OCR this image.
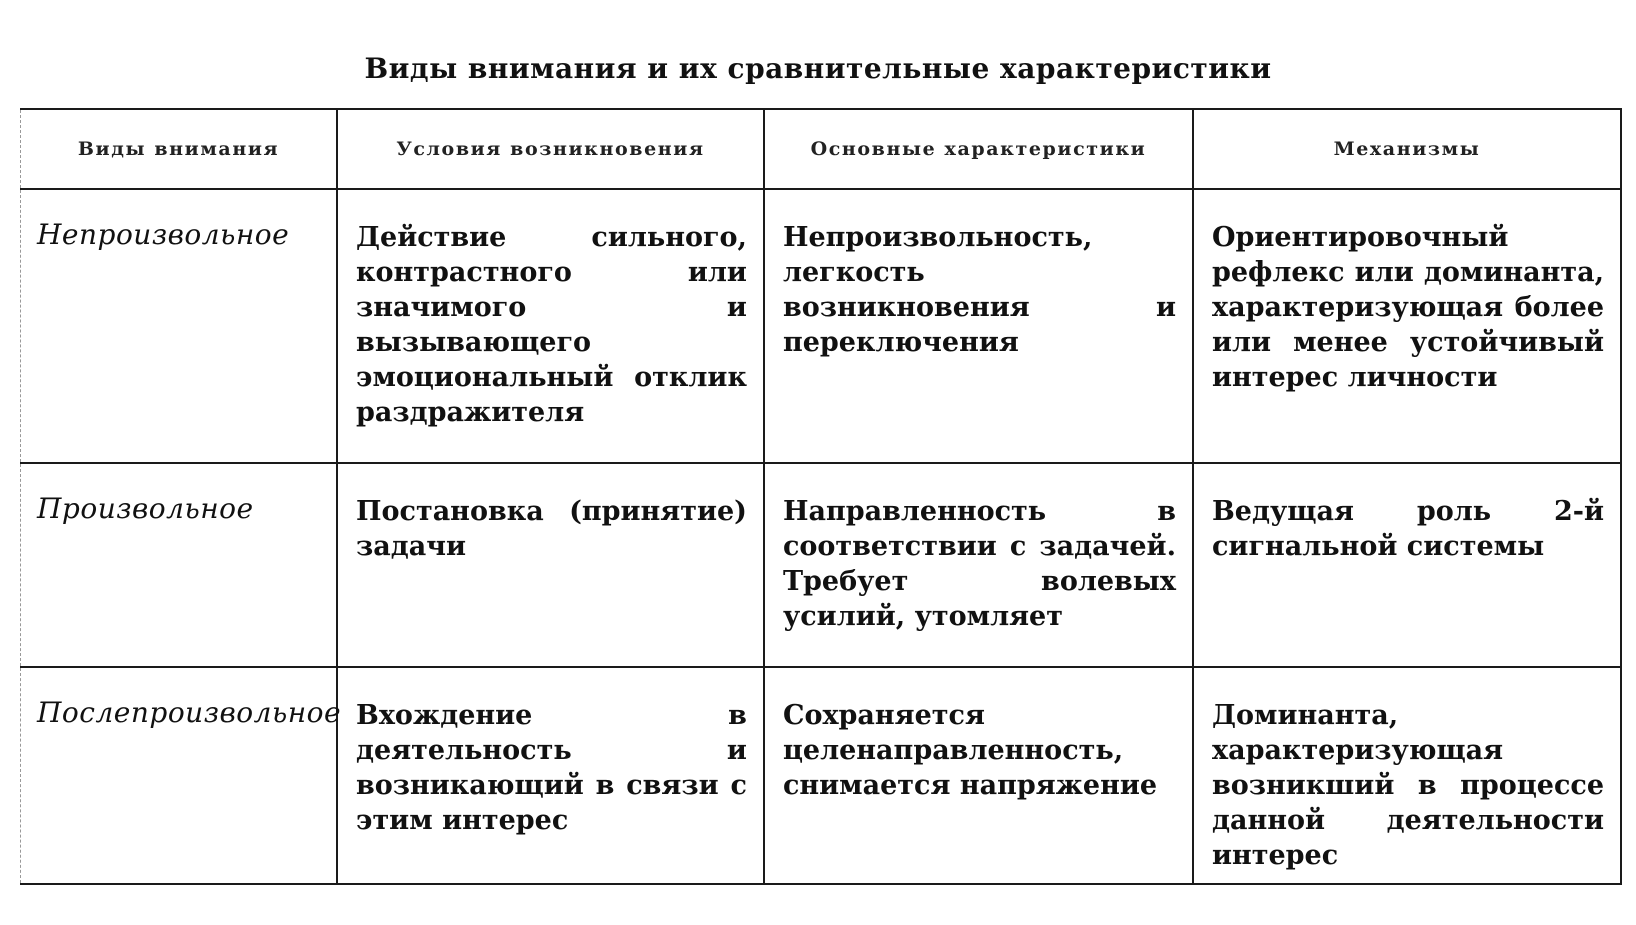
Виды внимания и их сравнительные характеристики
Виды внимания	Условия возникновения	Основные характеристики	Механизмы

Непроизвольное	Действие сильного, контрастного или значимого и вызывающего эмоциональный отклик раздражителя	Непроизвольность, легкость возникновения и переключения	Ориентировочный рефлекс или доминанта, характеризующая более или менее устойчивый интерес личности

Произвольное	Постановка (принятие) задачи	Направленность в соответствии с задачей. Требует волевых усилий, утомляет	Ведущая роль 2-й сигнальной системы

Послепроизвольное	Вхождение в деятельность и возникающий в связи с этим интерес	Сохраняется целенаправленность, снимается напряжение	Доминанта, характеризующая возникший в процессе данной деятельности интерес
